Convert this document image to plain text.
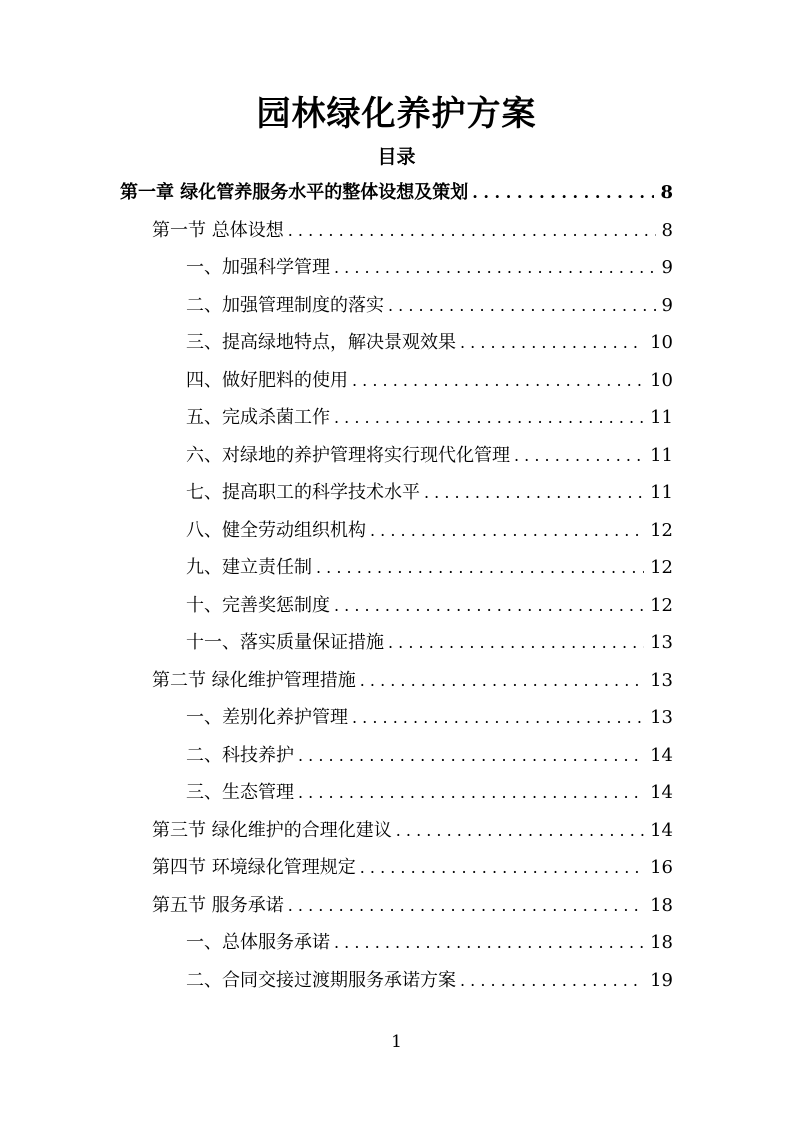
园林绿化养护方案
目录
第一章 绿化管养服务水平的整体设想及策划 . . .	8
第一节 总体设想 . . .	8
一、加强科学管理 . . .	9
二、加强管理制度的落实 . . .	9
三、提高绿地特点，解决景观效果 . . .	10
四、做好肥料的使用 . . .	10
五、完成杀菌工作 . . .	11
六、对绿地的养护管理将实行现代化管理 . . .	11
七、提高职工的科学技术水平 . . .	11
八、健全劳动组织机构 . . .	12
九、建立责任制 . . .	12
十、完善奖惩制度 . . .	12
十一、落实质量保证措施 . . .	13
第二节 绿化维护管理措施 . . .	13
一、差别化养护管理 . . .	13
二、科技养护 . . .	14
三、生态管理 . . .	14
第三节 绿化维护的合理化建议 . . .	14
第四节 环境绿化管理规定 . . .	16
第五节 服务承诺 . . .	18
一、总体服务承诺 . . .	18
二、合同交接过渡期服务承诺方案 . . .	19
1
